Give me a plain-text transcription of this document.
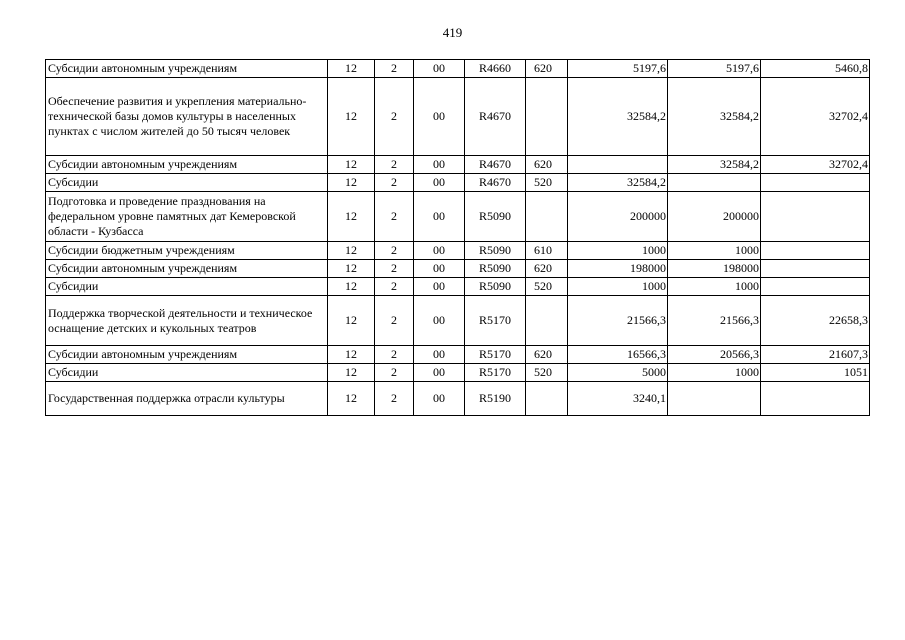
419
Субсидии автономным учреждениям	12	2	00	R4660	620	5197,6	5197,6	5460,8
Обеспечение развития и укрепления материально-технической базы домов культуры в населенных пунктах с числом жителей до 50 тысяч человек	12	2	00	R4670		32584,2	32584,2	32702,4
Субсидии автономным учреждениям	12	2	00	R4670	620		32584,2	32702,4
Субсидии	12	2	00	R4670	520	32584,2		
Подготовка и проведение празднования на федеральном уровне памятных дат Кемеровской области - Кузбасса	12	2	00	R5090		200000	200000	
Субсидии бюджетным учреждениям	12	2	00	R5090	610	1000	1000	
Субсидии автономным учреждениям	12	2	00	R5090	620	198000	198000	
Субсидии	12	2	00	R5090	520	1000	1000	
Поддержка творческой деятельности и техническое оснащение детских и кукольных театров	12	2	00	R5170		21566,3	21566,3	22658,3
Субсидии автономным учреждениям	12	2	00	R5170	620	16566,3	20566,3	21607,3
Субсидии	12	2	00	R5170	520	5000	1000	1051
Государственная поддержка отрасли культуры	12	2	00	R5190		3240,1		
